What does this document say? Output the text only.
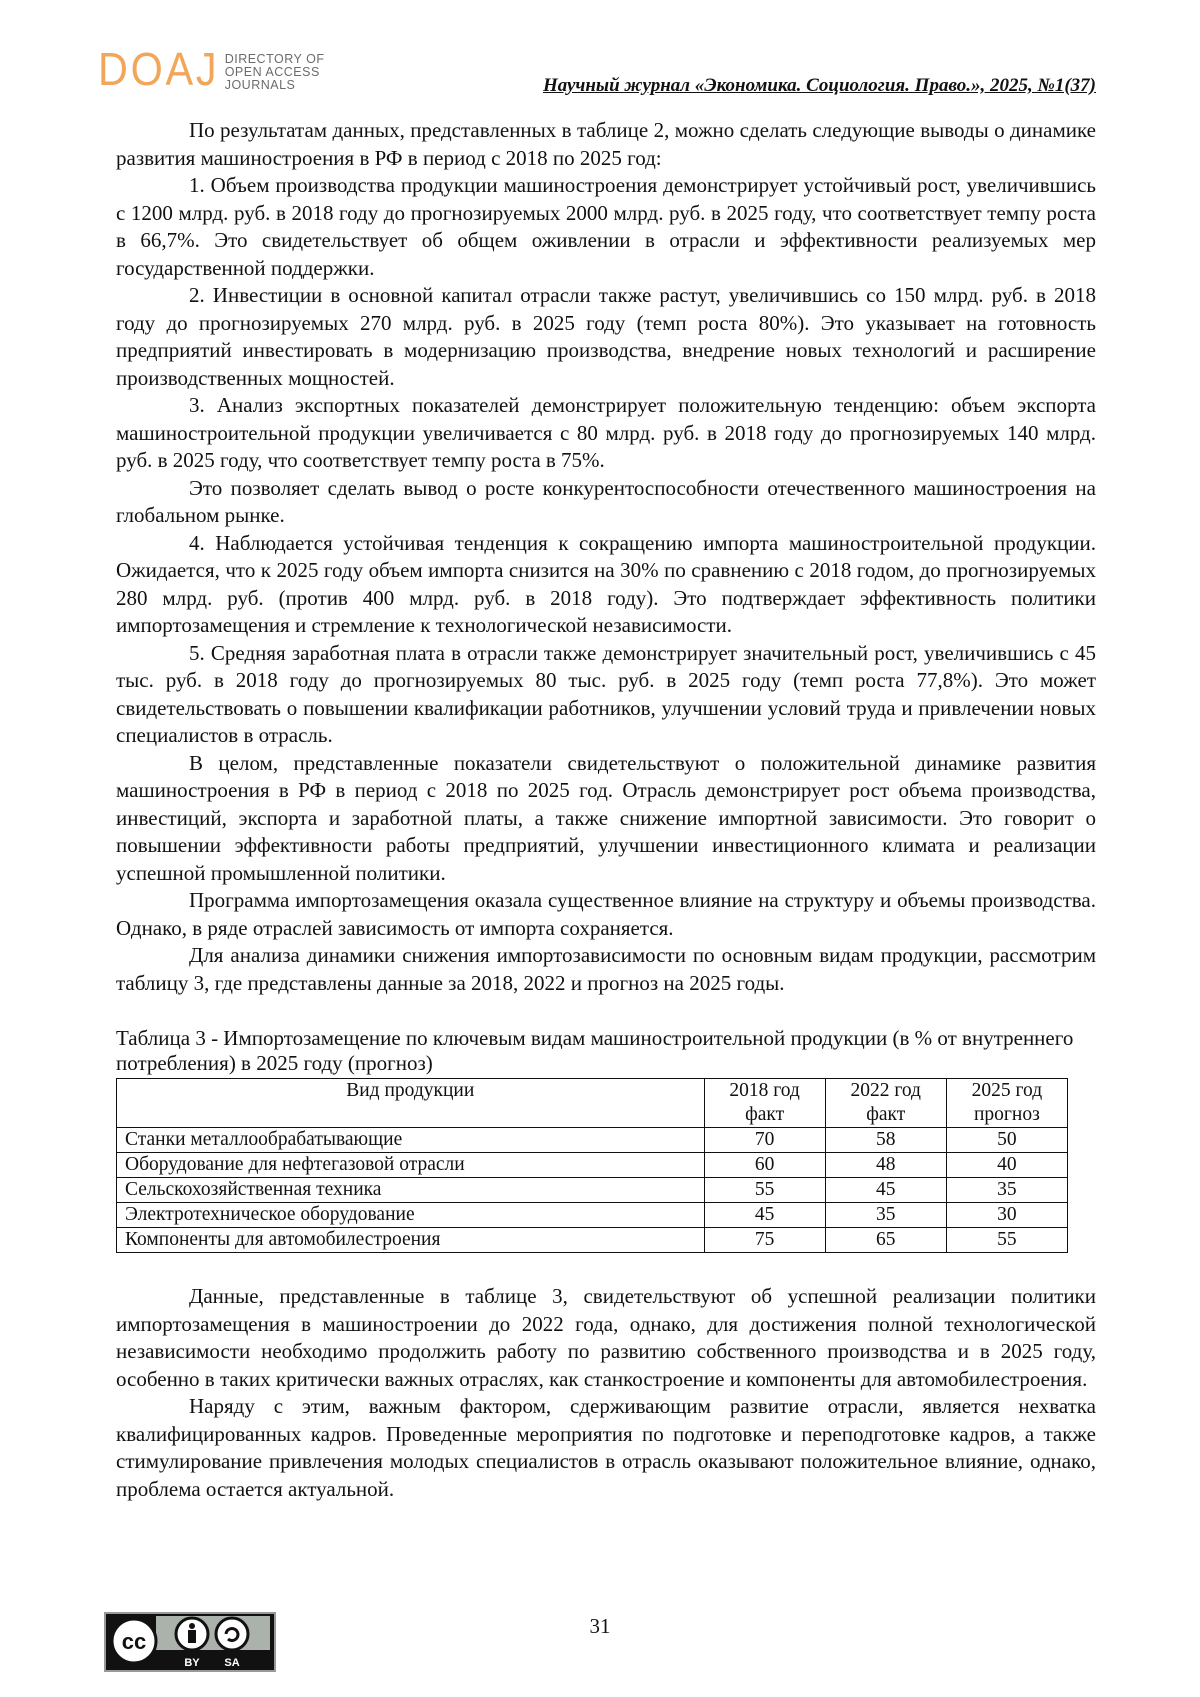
DOAJ DIRECTORY OF
OPEN ACCESS
JOURNALS	Научный журнал «Экономика. Социология. Право.», 2025, №1(37)

По результатам данных, представленных в таблице 2, можно сделать следующие выводы о динамике развития машиностроения в РФ в период с 2018 по 2025 год:

1. Объем производства продукции машиностроения демонстрирует устойчивый рост, увеличившись с 1200 млрд. руб. в 2018 году до прогнозируемых 2000 млрд. руб. в 2025 году, что соответствует темпу роста в 66,7%. Это свидетельствует об общем оживлении в отрасли и эффективности реализуемых мер государственной поддержки.

2. Инвестиции в основной капитал отрасли также растут, увеличившись со 150 млрд. руб. в 2018 году до прогнозируемых 270 млрд. руб. в 2025 году (темп роста 80%). Это указывает на готовность предприятий инвестировать в модернизацию производства, внедрение новых технологий и расширение производственных мощностей.

3. Анализ экспортных показателей демонстрирует положительную тенденцию: объем экспорта машиностроительной продукции увеличивается с 80 млрд. руб. в 2018 году до прогнозируемых 140 млрд. руб. в 2025 году, что соответствует темпу роста в 75%.

Это позволяет сделать вывод о росте конкурентоспособности отечественного машиностроения на глобальном рынке.

4. Наблюдается устойчивая тенденция к сокращению импорта машиностроительной продукции. Ожидается, что к 2025 году объем импорта снизится на 30% по сравнению с 2018 годом, до прогнозируемых 280 млрд. руб. (против 400 млрд. руб. в 2018 году). Это подтверждает эффективность политики импортозамещения и стремление к технологической независимости.

5. Средняя заработная плата в отрасли также демонстрирует значительный рост, увеличившись с 45 тыс. руб. в 2018 году до прогнозируемых 80 тыс. руб. в 2025 году (темп роста 77,8%). Это может свидетельствовать о повышении квалификации работников, улучшении условий труда и привлечении новых специалистов в отрасль.

В целом, представленные показатели свидетельствуют о положительной динамике развития машиностроения в РФ в период с 2018 по 2025 год. Отрасль демонстрирует рост объема производства, инвестиций, экспорта и заработной платы, а также снижение импортной зависимости. Это говорит о повышении эффективности работы предприятий, улучшении инвестиционного климата и реализации успешной промышленной политики.

Программа импортозамещения оказала существенное влияние на структуру и объемы производства. Однако, в ряде отраслей зависимость от импорта сохраняется.

Для анализа динамики снижения импортозависимости по основным видам продукции, рассмотрим таблицу 3, где представлены данные за 2018, 2022 и прогноз на 2025 годы.

Таблица 3 - Импортозамещение по ключевым видам машиностроительной продукции (в % от внутреннего потребления) в 2025 году (прогноз)

Вид продукции	2018 год факт	2022 год факт	2025 год прогноз
Станки металлообрабатывающие	70	58	50
Оборудование для нефтегазовой отрасли	60	48	40
Сельскохозяйственная техника	55	45	35
Электротехническое оборудование	45	35	30
Компоненты для автомобилестроения	75	65	55

Данные, представленные в таблице 3, свидетельствуют об успешной реализации политики импортозамещения в машиностроении до 2022 года, однако, для достижения полной технологической независимости необходимо продолжить работу по развитию собственного производства и в 2025 году, особенно в таких критически важных отраслях, как станкостроение и компоненты для автомобилестроения.

Наряду с этим, важным фактором, сдерживающим развитие отрасли, является нехватка квалифицированных кадров. Проведенные мероприятия по подготовке и переподготовке кадров, а также стимулирование привлечения молодых специалистов в отрасль оказывают положительное влияние, однако, проблема остается актуальной.

cc
BY SA
31
